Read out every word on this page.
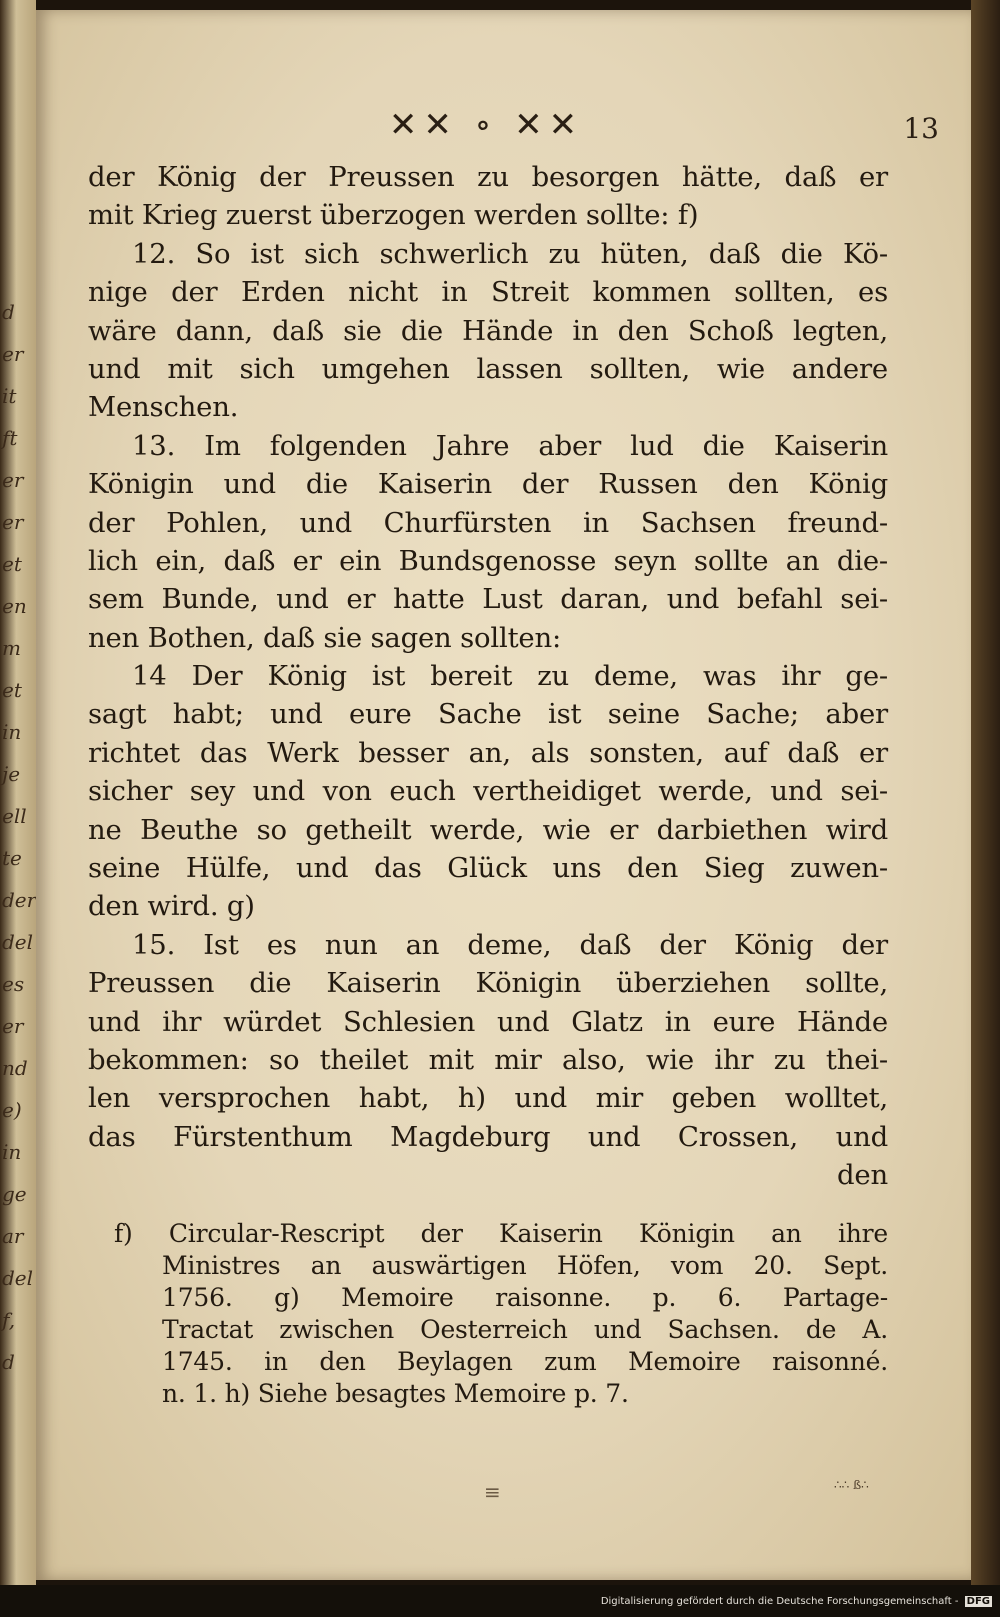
d
er
it
ft
er
er
et
en
m
et
in
je
ell
te
der
del
es
er
nd
e)
in
ge
ar
del
f,
d
✕✕ ∘ ✕✕	13
der König der Preussen zu besorgen hätte, daß er
mit Krieg zuerst überzogen werden sollte: f)
12. So ist sich schwerlich zu hüten, daß die Kö-
nige der Erden nicht in Streit kommen sollten, es
wäre dann, daß sie die Hände in den Schoß legten,
und mit sich umgehen lassen sollten, wie andere
Menschen.
13. Im folgenden Jahre aber lud die Kaiserin
Königin und die Kaiserin der Russen den König
der Pohlen, und Churfürsten in Sachsen freund-
lich ein, daß er ein Bundsgenosse seyn sollte an die-
sem Bunde, und er hatte Lust daran, und befahl sei-
nen Bothen, daß sie sagen sollten:
14 Der König ist bereit zu deme, was ihr ge-
sagt habt; und eure Sache ist seine Sache; aber
richtet das Werk besser an, als sonsten, auf daß er
sicher sey und von euch vertheidiget werde, und sei-
ne Beuthe so getheilt werde, wie er darbiethen wird
seine Hülfe, und das Glück uns den Sieg zuwen-
den wird. g)
15. Ist es nun an deme, daß der König der
Preussen die Kaiserin Königin überziehen sollte,
und ihr würdet Schlesien und Glatz in eure Hände
bekommen: so theilet mit mir also, wie ihr zu thei-
len versprochen habt, h) und mir geben wolltet,
das Fürstenthum Magdeburg und Crossen, und
den
f) Circular-Rescript der Kaiserin Königin an ihre
Ministres an auswärtigen Höfen, vom 20. Sept.
1756. g) Memoire raisonne. p. 6. Partage-
Tractat zwischen Oesterreich und Sachsen. de A.
1745. in den Beylagen zum Memoire raisonné.
n. 1. h) Siehe besagtes Memoire p. 7.
≡	∴∴ ß∴
Digitalisierung gefördert durch die Deutsche Forschungsgemeinschaft - DFG
